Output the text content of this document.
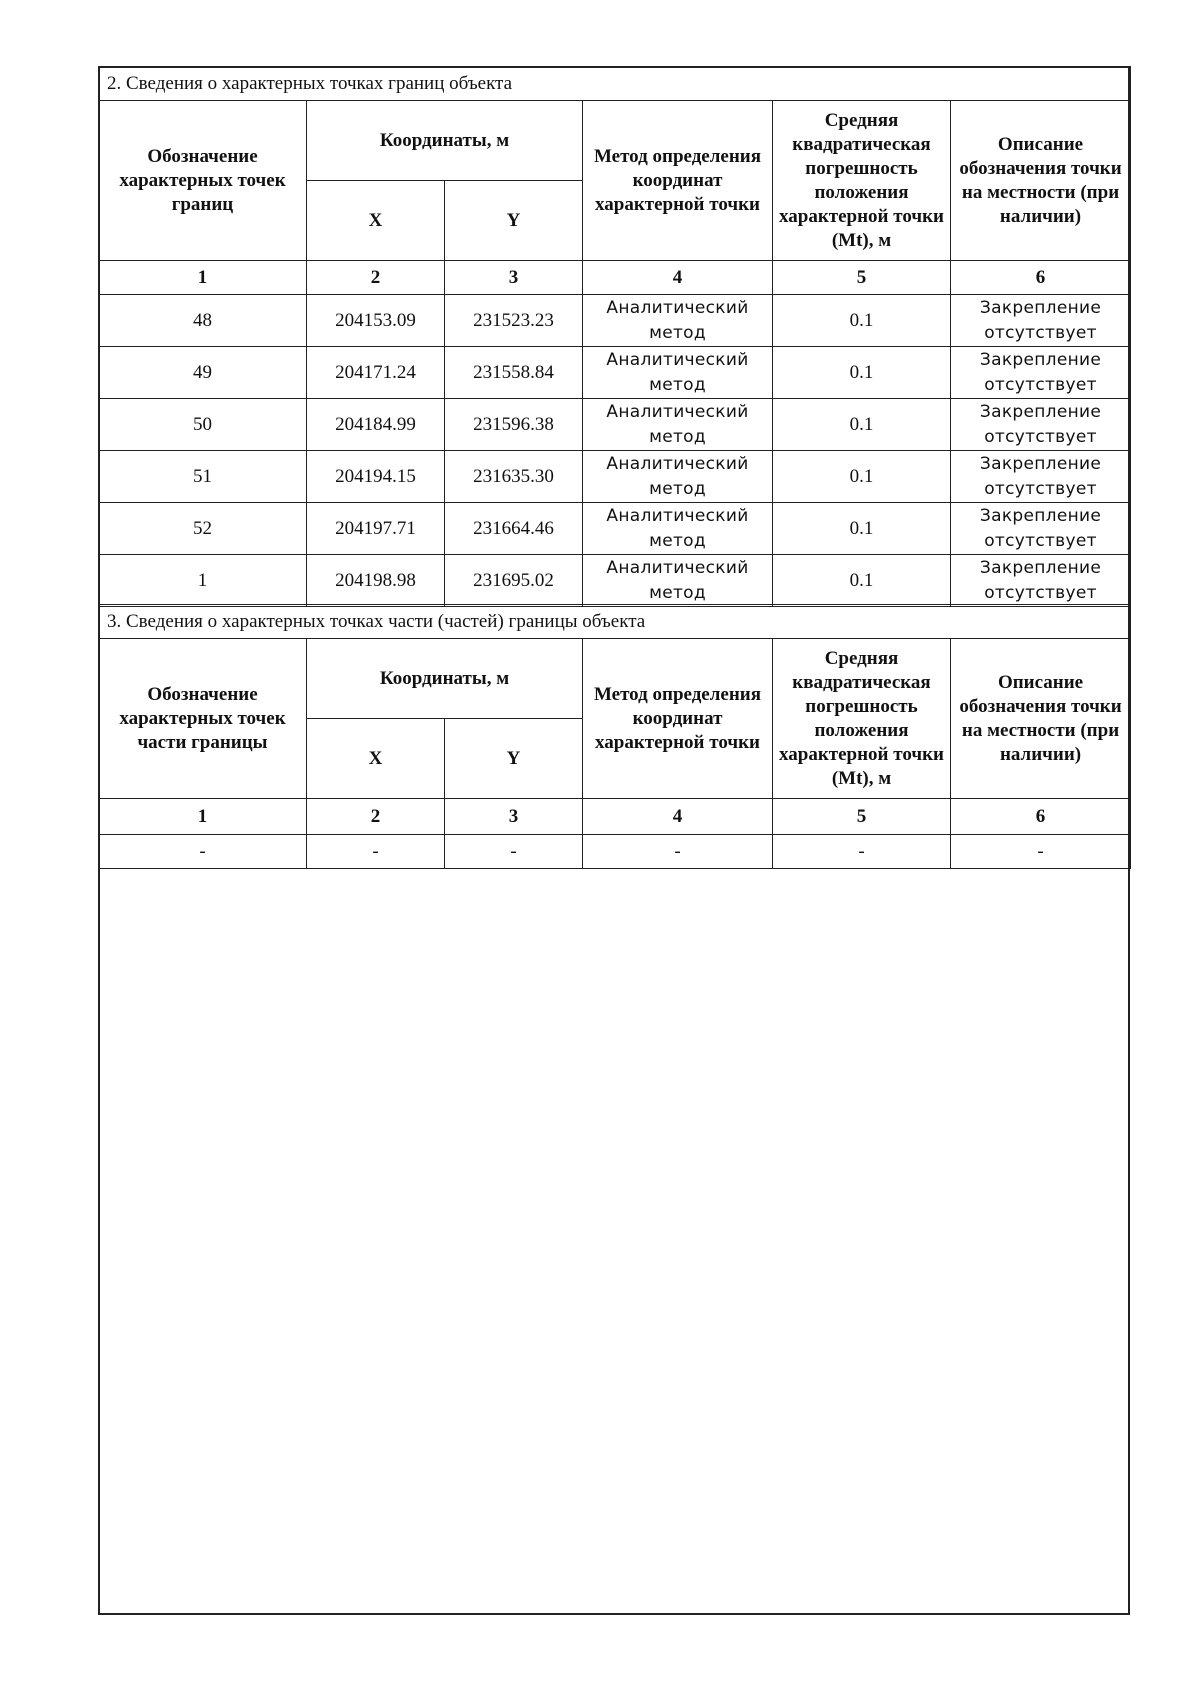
2. Сведения о характерных точках границ объекта					
Обозначение характерных точек границ	Координаты, м		Метод определения координат характерной точки	Средняя квадратическая погрешность положения характерной точки (Mt), м	Описание обозначения точки на местности (при наличии)
	X	Y			
1	2	3	4	5	6
48	204153.09	231523.23	Аналитический метод	0.1	Закрепление отсутствует
49	204171.24	231558.84	Аналитический метод	0.1	Закрепление отсутствует
50	204184.99	231596.38	Аналитический метод	0.1	Закрепление отсутствует
51	204194.15	231635.30	Аналитический метод	0.1	Закрепление отсутствует
52	204197.71	231664.46	Аналитический метод	0.1	Закрепление отсутствует
1	204198.98	231695.02	Аналитический метод	0.1	Закрепление отсутствует
3. Сведения о характерных точках части (частей) границы объекта					
Обозначение характерных точек части границы	Координаты, м		Метод определения координат характерной точки	Средняя квадратическая погрешность положения характерной точки (Mt), м	Описание обозначения точки на местности (при наличии)
	X	Y			
1	2	3	4	5	6
-	-	-	-	-	-
